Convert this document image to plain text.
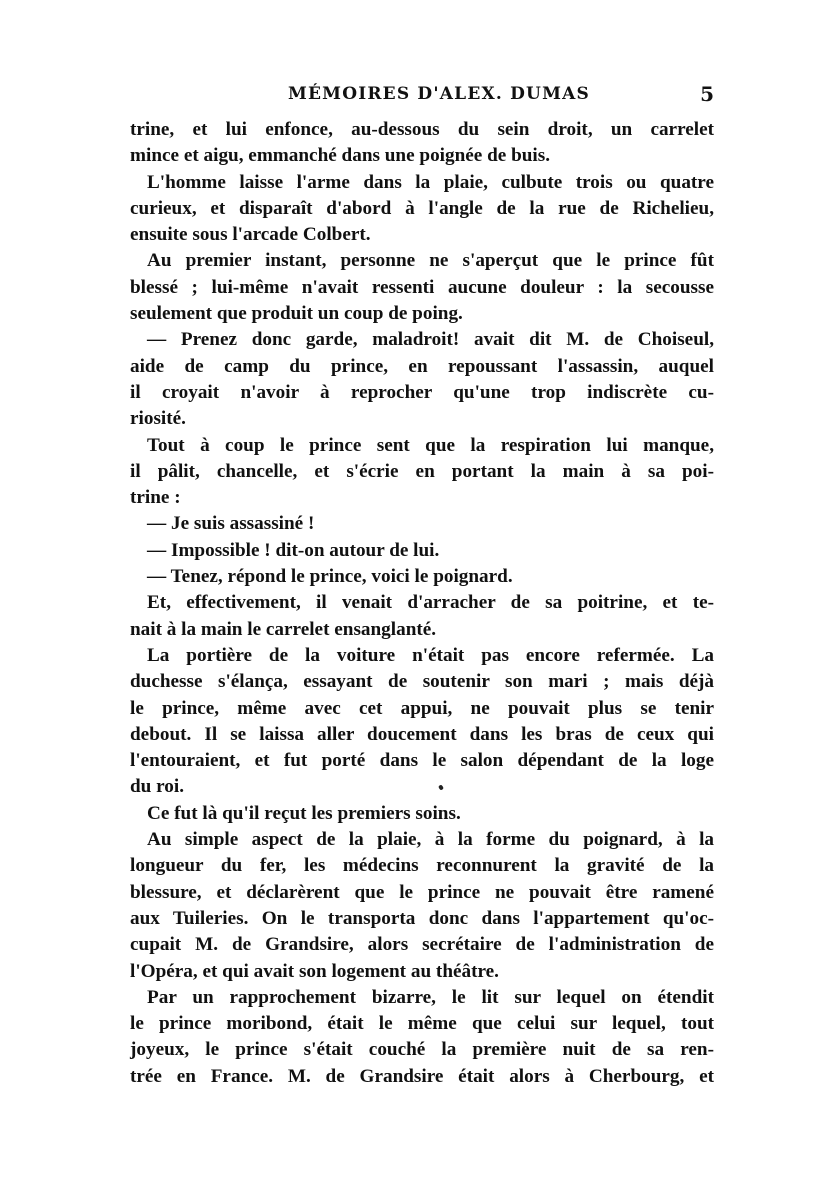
MÉMOIRES D'ALEX. DUMAS	5
trine, et lui enfonce, au-dessous du sein droit, un carrelet
mince et aigu, emmanché dans une poignée de buis.
L'homme laisse l'arme dans la plaie, culbute trois ou quatre
curieux, et disparaît d'abord à l'angle de la rue de Richelieu,
ensuite sous l'arcade Colbert.
Au premier instant, personne ne s'aperçut que le prince fût
blessé ; lui-même n'avait ressenti aucune douleur : la secousse
seulement que produit un coup de poing.
— Prenez donc garde, maladroit! avait dit M. de Choiseul,
aide de camp du prince, en repoussant l'assassin, auquel
il croyait n'avoir à reprocher qu'une trop indiscrète cu-
riosité.
Tout à coup le prince sent que la respiration lui manque,
il pâlit, chancelle, et s'écrie en portant la main à sa poi-
trine :
— Je suis assassiné !
— Impossible ! dit-on autour de lui.
— Tenez, répond le prince, voici le poignard.
Et, effectivement, il venait d'arracher de sa poitrine, et te-
nait à la main le carrelet ensanglanté.
La portière de la voiture n'était pas encore refermée. La
duchesse s'élança, essayant de soutenir son mari ; mais déjà
le prince, même avec cet appui, ne pouvait plus se tenir
debout. Il se laissa aller doucement dans les bras de ceux qui
l'entouraient, et fut porté dans le salon dépendant de la loge
du roi.
Ce fut là qu'il reçut les premiers soins.
Au simple aspect de la plaie, à la forme du poignard, à la
longueur du fer, les médecins reconnurent la gravité de la
blessure, et déclarèrent que le prince ne pouvait être ramené
aux Tuileries. On le transporta donc dans l'appartement qu'oc-
cupait M. de Grandsire, alors secrétaire de l'administration de
l'Opéra, et qui avait son logement au théâtre.
Par un rapprochement bizarre, le lit sur lequel on étendit
le prince moribond, était le même que celui sur lequel, tout
joyeux, le prince s'était couché la première nuit de sa ren-
trée en France. M. de Grandsire était alors à Cherbourg, et
